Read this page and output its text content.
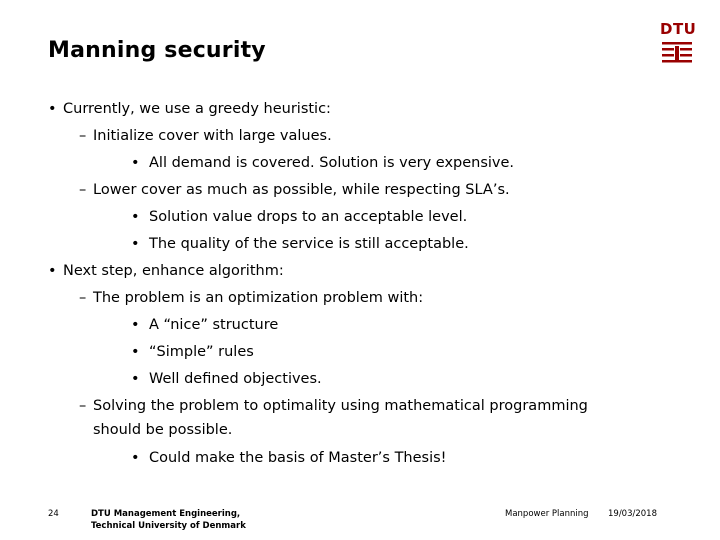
Manning security
DTU
• Currently, we use a greedy heuristic:
– Initialize cover with large values.
• All demand is covered. Solution is very expensive.
– Lower cover as much as possible, while respecting SLA’s.
• Solution value drops to an acceptable level.
• The quality of the service is still acceptable.
• Next step, enhance algorithm:
– The problem is an optimization problem with:
• A “nice” structure
• “Simple” rules
• Well defined objectives.
– Solving the problem to optimality using mathematical programming
should be possible.
• Could make the basis of Master’s Thesis!
24	DTU Management Engineering,
Technical University of Denmark
Manpower Planning 19/03/2018
